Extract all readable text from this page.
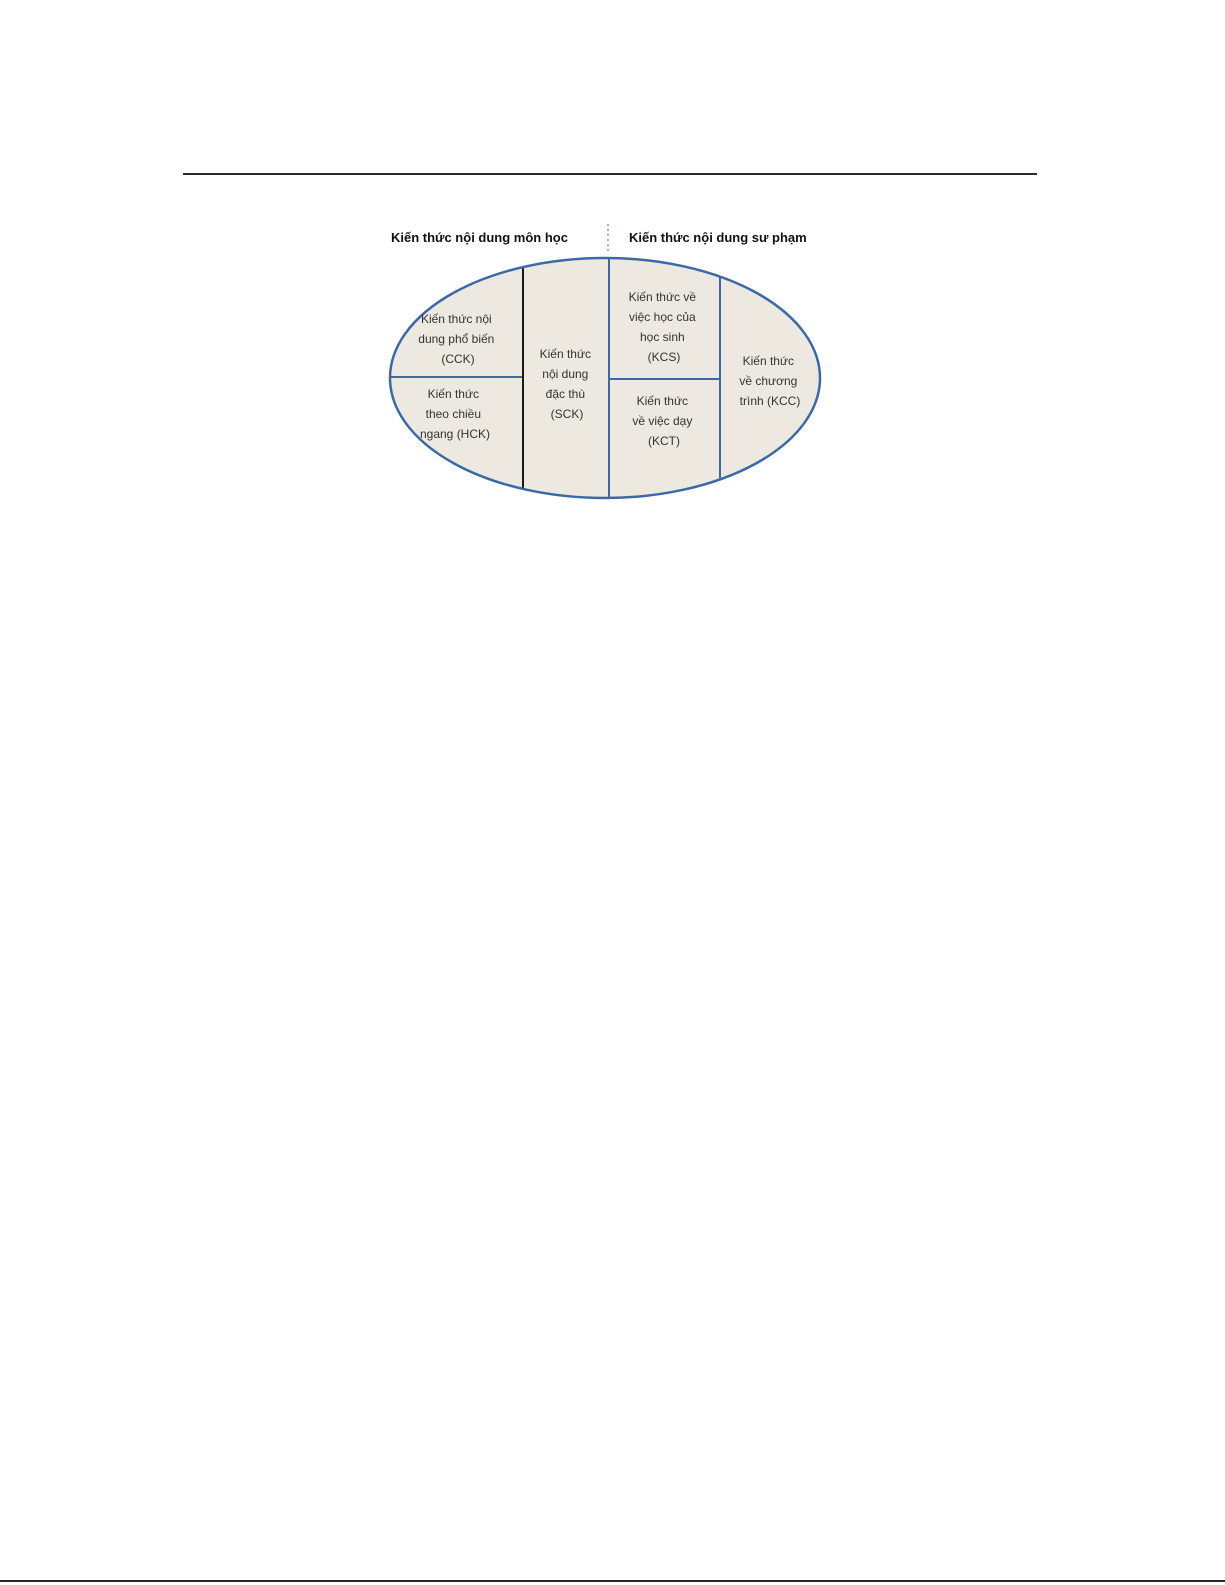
Kiến thức nội dung môn học	Kiến thức nội dung sư phạm
Kiến thức nội dung phổ biến (CCK)
Kiến thức theo chiều ngang (HCK)
Kiến thức nội dung đặc thù (SCK)
Kiến thức về việc học của học sinh (KCS)
Kiến thức về việc dạy (KCT)
Kiến thức về chương trình (KCC)
